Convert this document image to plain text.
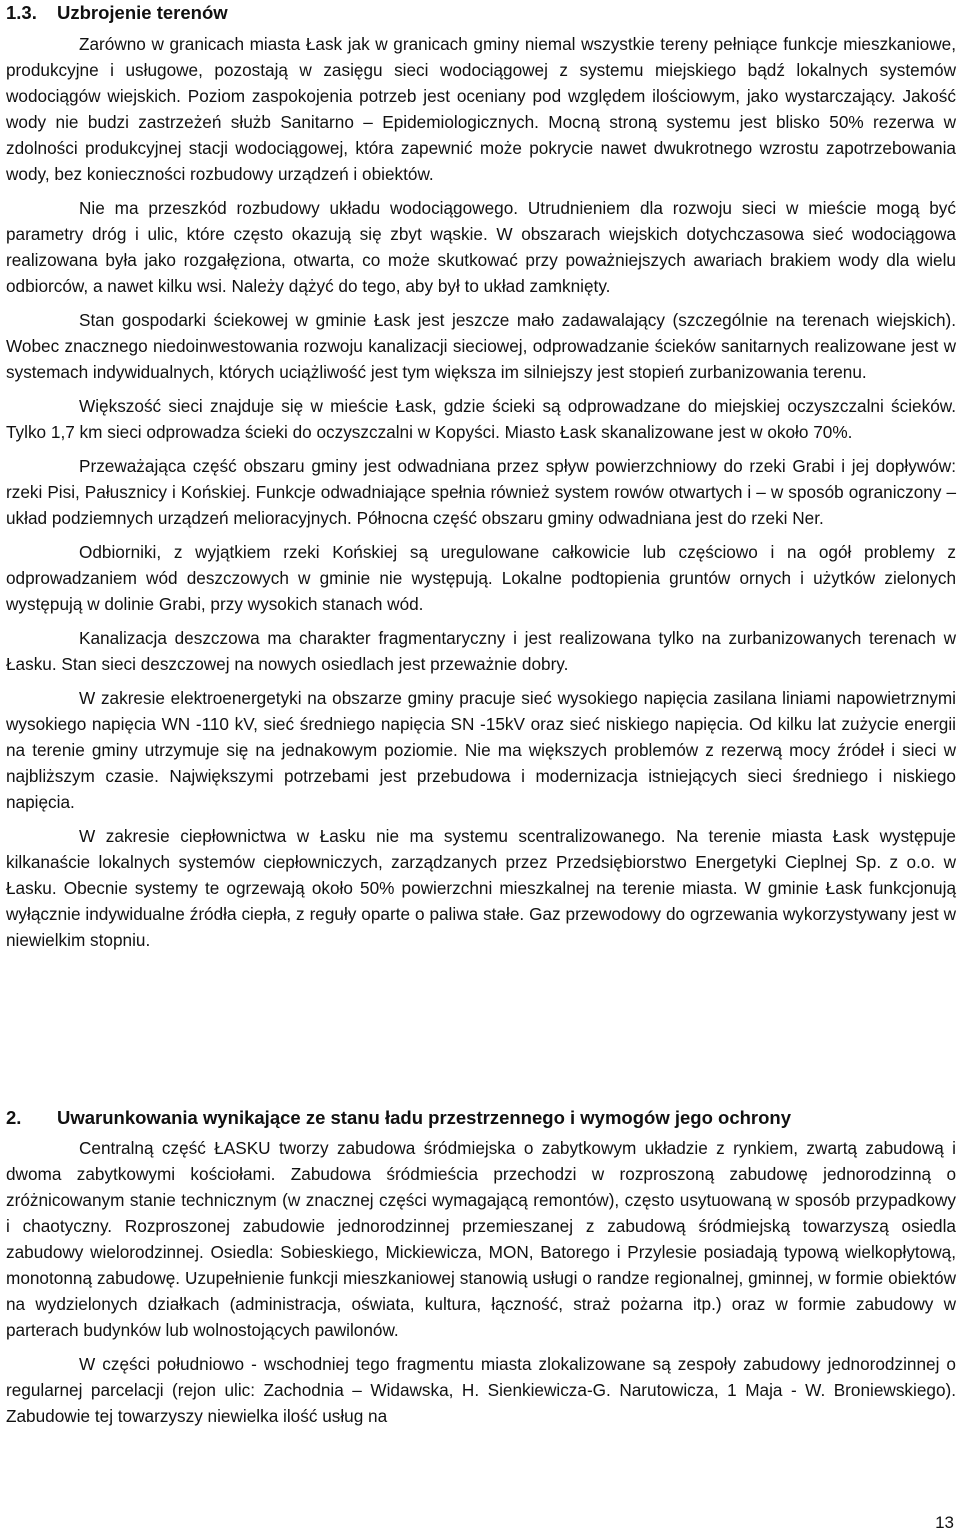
1.3. Uzbrojenie terenów

Zarówno w granicach miasta Łask jak w granicach gminy niemal wszystkie tereny pełniące funkcje mieszkaniowe, produkcyjne i usługowe, pozostają w zasięgu sieci wodociągowej z systemu miejskiego bądź lokalnych systemów wodociągów wiejskich. Poziom zaspokojenia potrzeb jest oceniany pod względem ilościowym, jako wystarczający. Jakość wody nie budzi zastrzeżeń służb Sanitarno – Epidemiologicznych. Mocną stroną systemu jest blisko 50% rezerwa w zdolności produkcyjnej stacji wodociągowej, która zapewnić może pokrycie nawet dwukrotnego wzrostu zapotrzebowania wody, bez konieczności rozbudowy urządzeń i obiektów.

Nie ma przeszkód rozbudowy układu wodociągowego. Utrudnieniem dla rozwoju sieci w mieście mogą być parametry dróg i ulic, które często okazują się zbyt wąskie. W obszarach wiejskich dotychczasowa sieć wodociągowa realizowana była jako rozgałęziona, otwarta, co może skutkować przy poważniejszych awariach brakiem wody dla wielu odbiorców, a nawet kilku wsi. Należy dążyć do tego, aby był to układ zamknięty.

Stan gospodarki ściekowej w gminie Łask jest jeszcze mało zadawalający (szczególnie na terenach wiejskich). Wobec znacznego niedoinwestowania rozwoju kanalizacji sieciowej, odprowadzanie ścieków sanitarnych realizowane jest w systemach indywidualnych, których uciążliwość jest tym większa im silniejszy jest stopień zurbanizowania terenu.

Większość sieci znajduje się w mieście Łask, gdzie ścieki są odprowadzane do miejskiej oczyszczalni ścieków. Tylko 1,7 km sieci odprowadza ścieki do oczyszczalni w Kopyści. Miasto Łask skanalizowane jest w około 70%.

Przeważająca część obszaru gminy jest odwadniana przez spływ powierzchniowy do rzeki Grabi i jej dopływów: rzeki Pisi, Pałusznicy i Końskiej. Funkcje odwadniające spełnia również system rowów otwartych i – w sposób ograniczony – układ podziemnych urządzeń melioracyjnych. Północna część obszaru gminy odwadniana jest do rzeki Ner.

Odbiorniki, z wyjątkiem rzeki Końskiej są uregulowane całkowicie lub częściowo i na ogół problemy z odprowadzaniem wód deszczowych w gminie nie występują. Lokalne podtopienia gruntów ornych i użytków zielonych występują w dolinie Grabi, przy wysokich stanach wód.

Kanalizacja deszczowa ma charakter fragmentaryczny i jest realizowana tylko na zurbanizowanych terenach w Łasku. Stan sieci deszczowej na nowych osiedlach jest przeważnie dobry.

W zakresie elektroenergetyki na obszarze gminy pracuje sieć wysokiego napięcia zasilana liniami napowietrznymi wysokiego napięcia WN -110 kV, sieć średniego napięcia SN -15kV oraz sieć niskiego napięcia. Od kilku lat zużycie energii na terenie gminy utrzymuje się na jednakowym poziomie. Nie ma większych problemów z rezerwą mocy źródeł i sieci w najbliższym czasie. Największymi potrzebami jest przebudowa i modernizacja istniejących sieci średniego i niskiego napięcia.

W zakresie ciepłownictwa w Łasku nie ma systemu scentralizowanego. Na terenie miasta Łask występuje kilkanaście lokalnych systemów ciepłowniczych, zarządzanych przez Przedsiębiorstwo Energetyki Cieplnej Sp. z o.o. w Łasku. Obecnie systemy te ogrzewają około 50% powierzchni mieszkalnej na terenie miasta. W gminie Łask funkcjonują wyłącznie indywidualne źródła ciepła, z reguły oparte o paliwa stałe. Gaz przewodowy do ogrzewania wykorzystywany jest w niewielkim stopniu.

2. Uwarunkowania wynikające ze stanu ładu przestrzennego i wymogów jego ochrony

Centralną część ŁASKU tworzy zabudowa śródmiejska o zabytkowym układzie z rynkiem, zwartą zabudową i dwoma zabytkowymi kościołami. Zabudowa śródmieścia przechodzi w rozproszoną zabudowę jednorodzinną o zróżnicowanym stanie technicznym (w znacznej części wymagającą remontów), często usytuowaną w sposób przypadkowy i chaotyczny. Rozproszonej zabudowie jednorodzinnej przemieszanej z zabudową śródmiejską towarzyszą osiedla zabudowy wielorodzinnej. Osiedla: Sobieskiego, Mickiewicza, MON, Batorego i Przylesie posiadają typową wielkopłytową, monotonną zabudowę. Uzupełnienie funkcji mieszkaniowej stanowią usługi o randze regionalnej, gminnej, w formie obiektów na wydzielonych działkach (administracja, oświata, kultura, łączność, straż pożarna itp.) oraz w formie zabudowy w parterach budynków lub wolnostojących pawilonów.

W części południowo - wschodniej tego fragmentu miasta zlokalizowane są zespoły zabudowy jednorodzinnej o regularnej parcelacji (rejon ulic: Zachodnia – Widawska, H. Sienkiewicza-G. Narutowicza, 1 Maja - W. Broniewskiego). Zabudowie tej towarzyszy niewielka ilość usług na

13
